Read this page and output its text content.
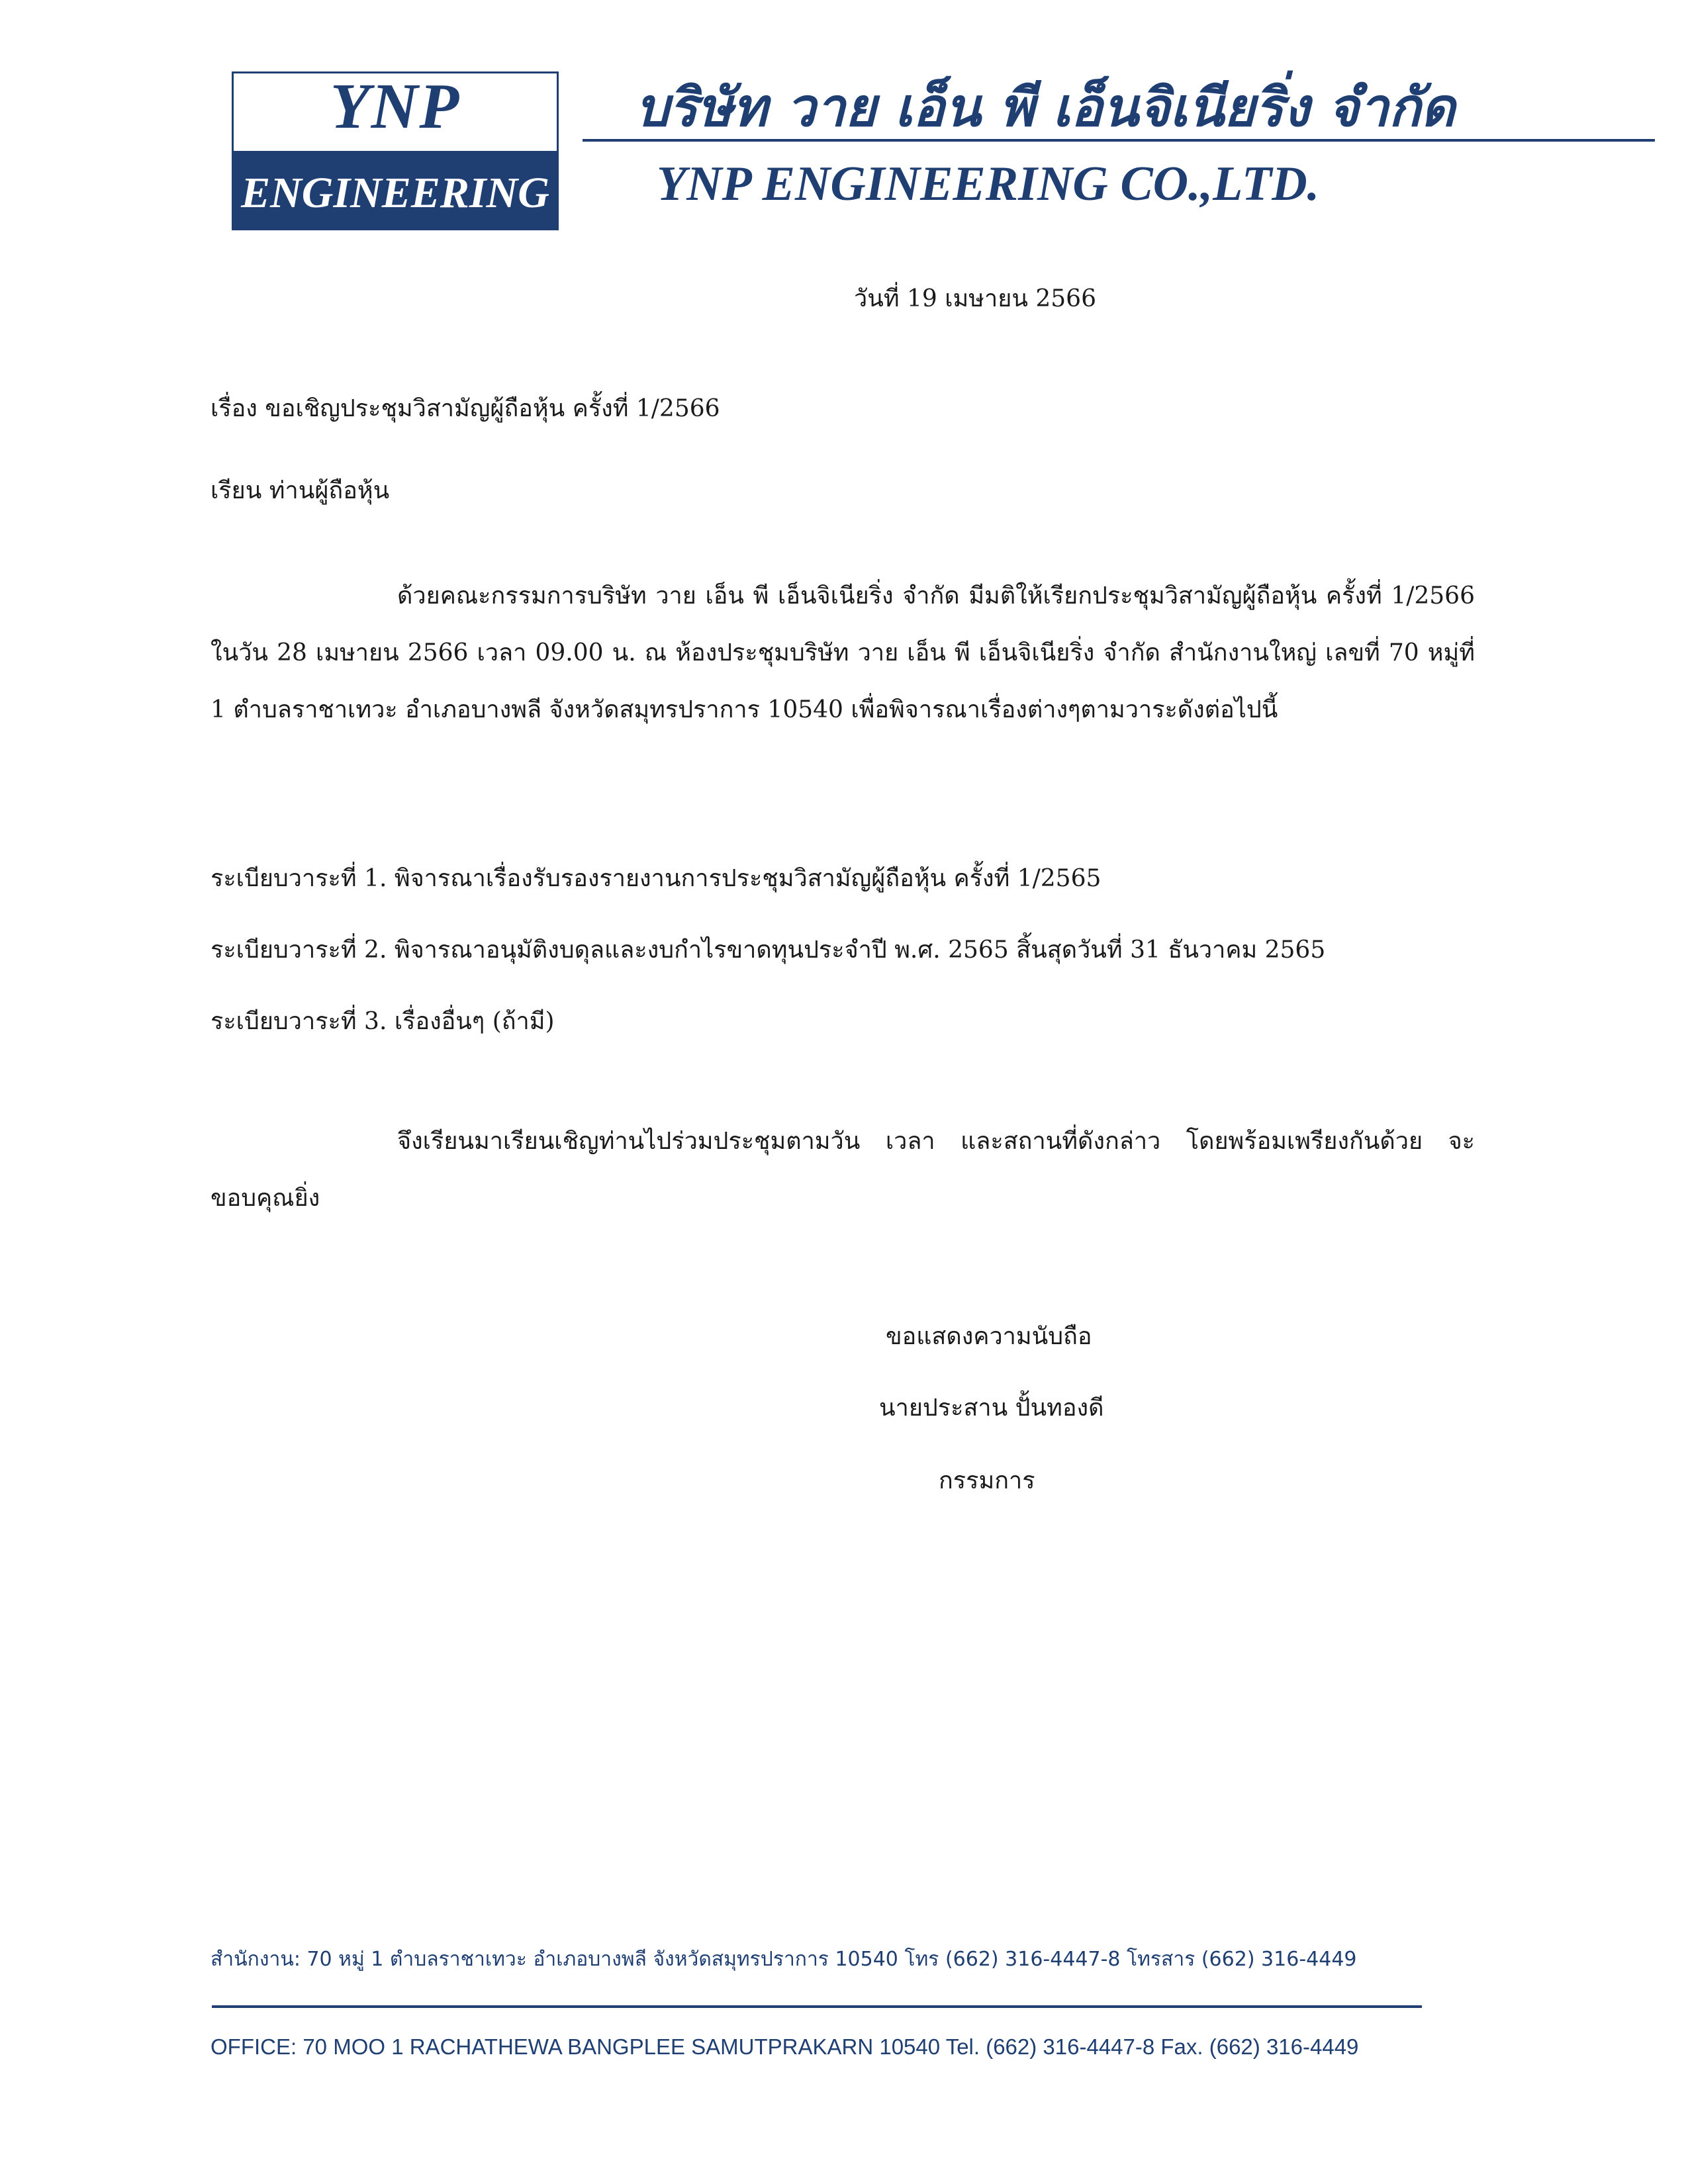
YNP
ENGINEERING
บริษัท วาย เอ็น พี เอ็นจิเนียริ่ง จำกัด
YNP ENGINEERING CO.,LTD.
วันที่ 19 เมษายน 2566
เรื่อง ขอเชิญประชุมวิสามัญผู้ถือหุ้น ครั้งที่ 1/2566
เรียน ท่านผู้ถือหุ้น
ด้วยคณะกรรมการบริษัท วาย เอ็น พี เอ็นจิเนียริ่ง จำกัด มีมติให้เรียกประชุมวิสามัญผู้ถือหุ้น ครั้งที่ 1/2566 ในวัน 28 เมษายน 2566 เวลา 09.00 น. ณ ห้องประชุมบริษัท วาย เอ็น พี เอ็นจิเนียริ่ง จำกัด สำนักงานใหญ่ เลขที่ 70 หมู่ที่ 1 ตำบลราชาเทวะ อำเภอบางพลี จังหวัดสมุทรปราการ 10540 เพื่อพิจารณาเรื่องต่างๆตามวาระดังต่อไปนี้
ระเบียบวาระที่ 1. พิจารณาเรื่องรับรองรายงานการประชุมวิสามัญผู้ถือหุ้น ครั้งที่ 1/2565
ระเบียบวาระที่ 2. พิจารณาอนุมัติงบดุลและงบกำไรขาดทุนประจำปี พ.ศ. 2565 สิ้นสุดวันที่ 31 ธันวาคม 2565
ระเบียบวาระที่ 3. เรื่องอื่นๆ (ถ้ามี)
จึงเรียนมาเรียนเชิญท่านไปร่วมประชุมตามวัน เวลา และสถานที่ดังกล่าว โดยพร้อมเพรียงกันด้วย จะขอบคุณยิ่ง
ขอแสดงความนับถือ
นายประสาน ปั้นทองดี
กรรมการ
สำนักงาน: 70 หมู่ 1 ตำบลราชาเทวะ อำเภอบางพลี จังหวัดสมุทรปราการ 10540 โทร (662) 316-4447-8 โทรสาร (662) 316-4449
OFFICE: 70 MOO 1 RACHATHEWA BANGPLEE SAMUTPRAKARN 10540 Tel. (662) 316-4447-8 Fax. (662) 316-4449
